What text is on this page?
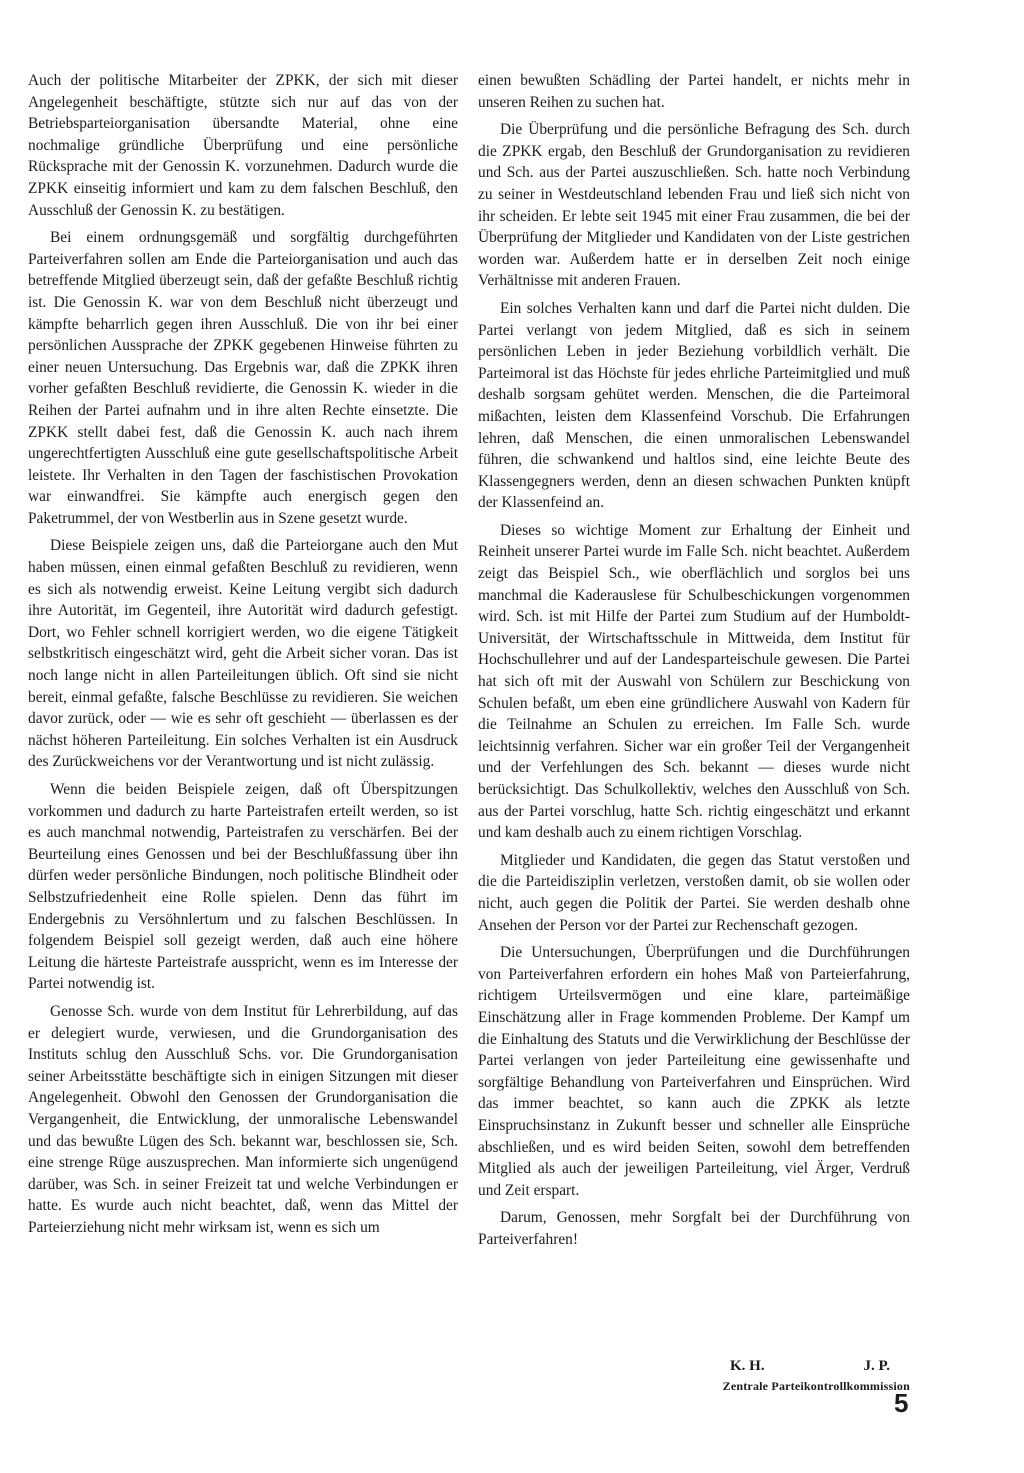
Auch der politische Mitarbeiter der ZPKK, der sich mit dieser Angelegenheit beschäftigte, stützte sich nur auf das von der Betriebsparteiorganisation übersandte Material, ohne eine nochmalige gründliche Überprüfung und eine persönliche Rücksprache mit der Genossin K. vorzunehmen. Dadurch wurde die ZPKK einseitig informiert und kam zu dem falschen Beschluß, den Ausschluß der Genossin K. zu bestätigen.

Bei einem ordnungsgemäß und sorgfältig durchgeführten Parteiverfahren sollen am Ende die Parteiorganisation und auch das betreffende Mitglied überzeugt sein, daß der gefaßte Beschluß richtig ist. Die Genossin K. war von dem Beschluß nicht überzeugt und kämpfte beharrlich gegen ihren Ausschluß. Die von ihr bei einer persönlichen Aussprache der ZPKK gegebenen Hinweise führten zu einer neuen Untersuchung. Das Ergebnis war, daß die ZPKK ihren vorher gefaßten Beschluß revidierte, die Genossin K. wieder in die Reihen der Partei aufnahm und in ihre alten Rechte einsetzte. Die ZPKK stellt dabei fest, daß die Genossin K. auch nach ihrem ungerechtfertigten Ausschluß eine gute gesellschaftspolitische Arbeit leistete. Ihr Verhalten in den Tagen der faschistischen Provokation war einwandfrei. Sie kämpfte auch energisch gegen den Paketrummel, der von Westberlin aus in Szene gesetzt wurde.

Diese Beispiele zeigen uns, daß die Parteiorgane auch den Mut haben müssen, einen einmal gefaßten Beschluß zu revidieren, wenn es sich als notwendig erweist. Keine Leitung vergibt sich dadurch ihre Autorität, im Gegenteil, ihre Autorität wird dadurch gefestigt. Dort, wo Fehler schnell korrigiert werden, wo die eigene Tätigkeit selbstkritisch eingeschätzt wird, geht die Arbeit sicher voran. Das ist noch lange nicht in allen Parteileitungen üblich. Oft sind sie nicht bereit, einmal gefaßte, falsche Beschlüsse zu revidieren. Sie weichen davor zurück, oder — wie es sehr oft geschieht — überlassen es der nächst höheren Parteileitung. Ein solches Verhalten ist ein Ausdruck des Zurückweichens vor der Verantwortung und ist nicht zulässig.

Wenn die beiden Beispiele zeigen, daß oft Überspitzungen vorkommen und dadurch zu harte Parteistrafen erteilt werden, so ist es auch manchmal notwendig, Parteistrafen zu verschärfen. Bei der Beurteilung eines Genossen und bei der Beschlußfassung über ihn dürfen weder persönliche Bindungen, noch politische Blindheit oder Selbstzufriedenheit eine Rolle spielen. Denn das führt im Endergebnis zu Versöhnlertum und zu falschen Beschlüssen. In folgendem Beispiel soll gezeigt werden, daß auch eine höhere Leitung die härteste Parteistrafe ausspricht, wenn es im Interesse der Partei notwendig ist.

Genosse Sch. wurde von dem Institut für Lehrerbildung, auf das er delegiert wurde, verwiesen, und die Grundorganisation des Instituts schlug den Ausschluß Schs. vor. Die Grundorganisation seiner Arbeitsstätte beschäftigte sich in einigen Sitzungen mit dieser Angelegenheit. Obwohl den Genossen der Grundorganisation die Vergangenheit, die Entwicklung, der unmoralische Lebenswandel und das bewußte Lügen des Sch. bekannt war, beschlossen sie, Sch. eine strenge Rüge auszusprechen. Man informierte sich ungenügend darüber, was Sch. in seiner Freizeit tat und welche Verbindungen er hatte. Es wurde auch nicht beachtet, daß, wenn das Mittel der Parteierziehung nicht mehr wirksam ist, wenn es sich um

einen bewußten Schädling der Partei handelt, er nichts mehr in unseren Reihen zu suchen hat.

Die Überprüfung und die persönliche Befragung des Sch. durch die ZPKK ergab, den Beschluß der Grundorganisation zu revidieren und Sch. aus der Partei auszuschließen. Sch. hatte noch Verbindung zu seiner in Westdeutschland lebenden Frau und ließ sich nicht von ihr scheiden. Er lebte seit 1945 mit einer Frau zusammen, die bei der Überprüfung der Mitglieder und Kandidaten von der Liste gestrichen worden war. Außerdem hatte er in derselben Zeit noch einige Verhältnisse mit anderen Frauen.

Ein solches Verhalten kann und darf die Partei nicht dulden. Die Partei verlangt von jedem Mitglied, daß es sich in seinem persönlichen Leben in jeder Beziehung vorbildlich verhält. Die Parteimoral ist das Höchste für jedes ehrliche Parteimitglied und muß deshalb sorgsam gehütet werden. Menschen, die die Parteimoral mißachten, leisten dem Klassenfeind Vorschub. Die Erfahrungen lehren, daß Menschen, die einen unmoralischen Lebenswandel führen, die schwankend und haltlos sind, eine leichte Beute des Klassengegners werden, denn an diesen schwachen Punkten knüpft der Klassenfeind an.

Dieses so wichtige Moment zur Erhaltung der Einheit und Reinheit unserer Partei wurde im Falle Sch. nicht beachtet. Außerdem zeigt das Beispiel Sch., wie oberflächlich und sorglos bei uns manchmal die Kaderauslese für Schulbeschickungen vorgenommen wird. Sch. ist mit Hilfe der Partei zum Studium auf der Humboldt-Universität, der Wirtschaftsschule in Mittweida, dem Institut für Hochschullehrer und auf der Landesparteischule gewesen. Die Partei hat sich oft mit der Auswahl von Schülern zur Beschickung von Schulen befaßt, um eben eine gründlichere Auswahl von Kadern für die Teilnahme an Schulen zu erreichen. Im Falle Sch. wurde leichtsinnig verfahren. Sicher war ein großer Teil der Vergangenheit und der Verfehlungen des Sch. bekannt — dieses wurde nicht berücksichtigt. Das Schulkollektiv, welches den Ausschluß von Sch. aus der Partei vorschlug, hatte Sch. richtig eingeschätzt und erkannt und kam deshalb auch zu einem richtigen Vorschlag.

Mitglieder und Kandidaten, die gegen das Statut verstoßen und die die Parteidisziplin verletzen, verstoßen damit, ob sie wollen oder nicht, auch gegen die Politik der Partei. Sie werden deshalb ohne Ansehen der Person vor der Partei zur Rechenschaft gezogen.

Die Untersuchungen, Überprüfungen und die Durchführungen von Parteiverfahren erfordern ein hohes Maß von Parteierfahrung, richtigem Urteilsvermögen und eine klare, parteimäßige Einschätzung aller in Frage kommenden Probleme. Der Kampf um die Einhaltung des Statuts und die Verwirklichung der Beschlüsse der Partei verlangen von jeder Parteileitung eine gewissenhafte und sorgfältige Behandlung von Parteiverfahren und Einsprüchen. Wird das immer beachtet, so kann auch die ZPKK als letzte Einspruchsinstanz in Zukunft besser und schneller alle Einsprüche abschließen, und es wird beiden Seiten, sowohl dem betreffenden Mitglied als auch der jeweiligen Parteileitung, viel Ärger, Verdruß und Zeit erspart.

Darum, Genossen, mehr Sorgfalt bei der Durchführung von Parteiverfahren!

K. H.	J. P.
Zentrale Parteikontrollkommission
5
